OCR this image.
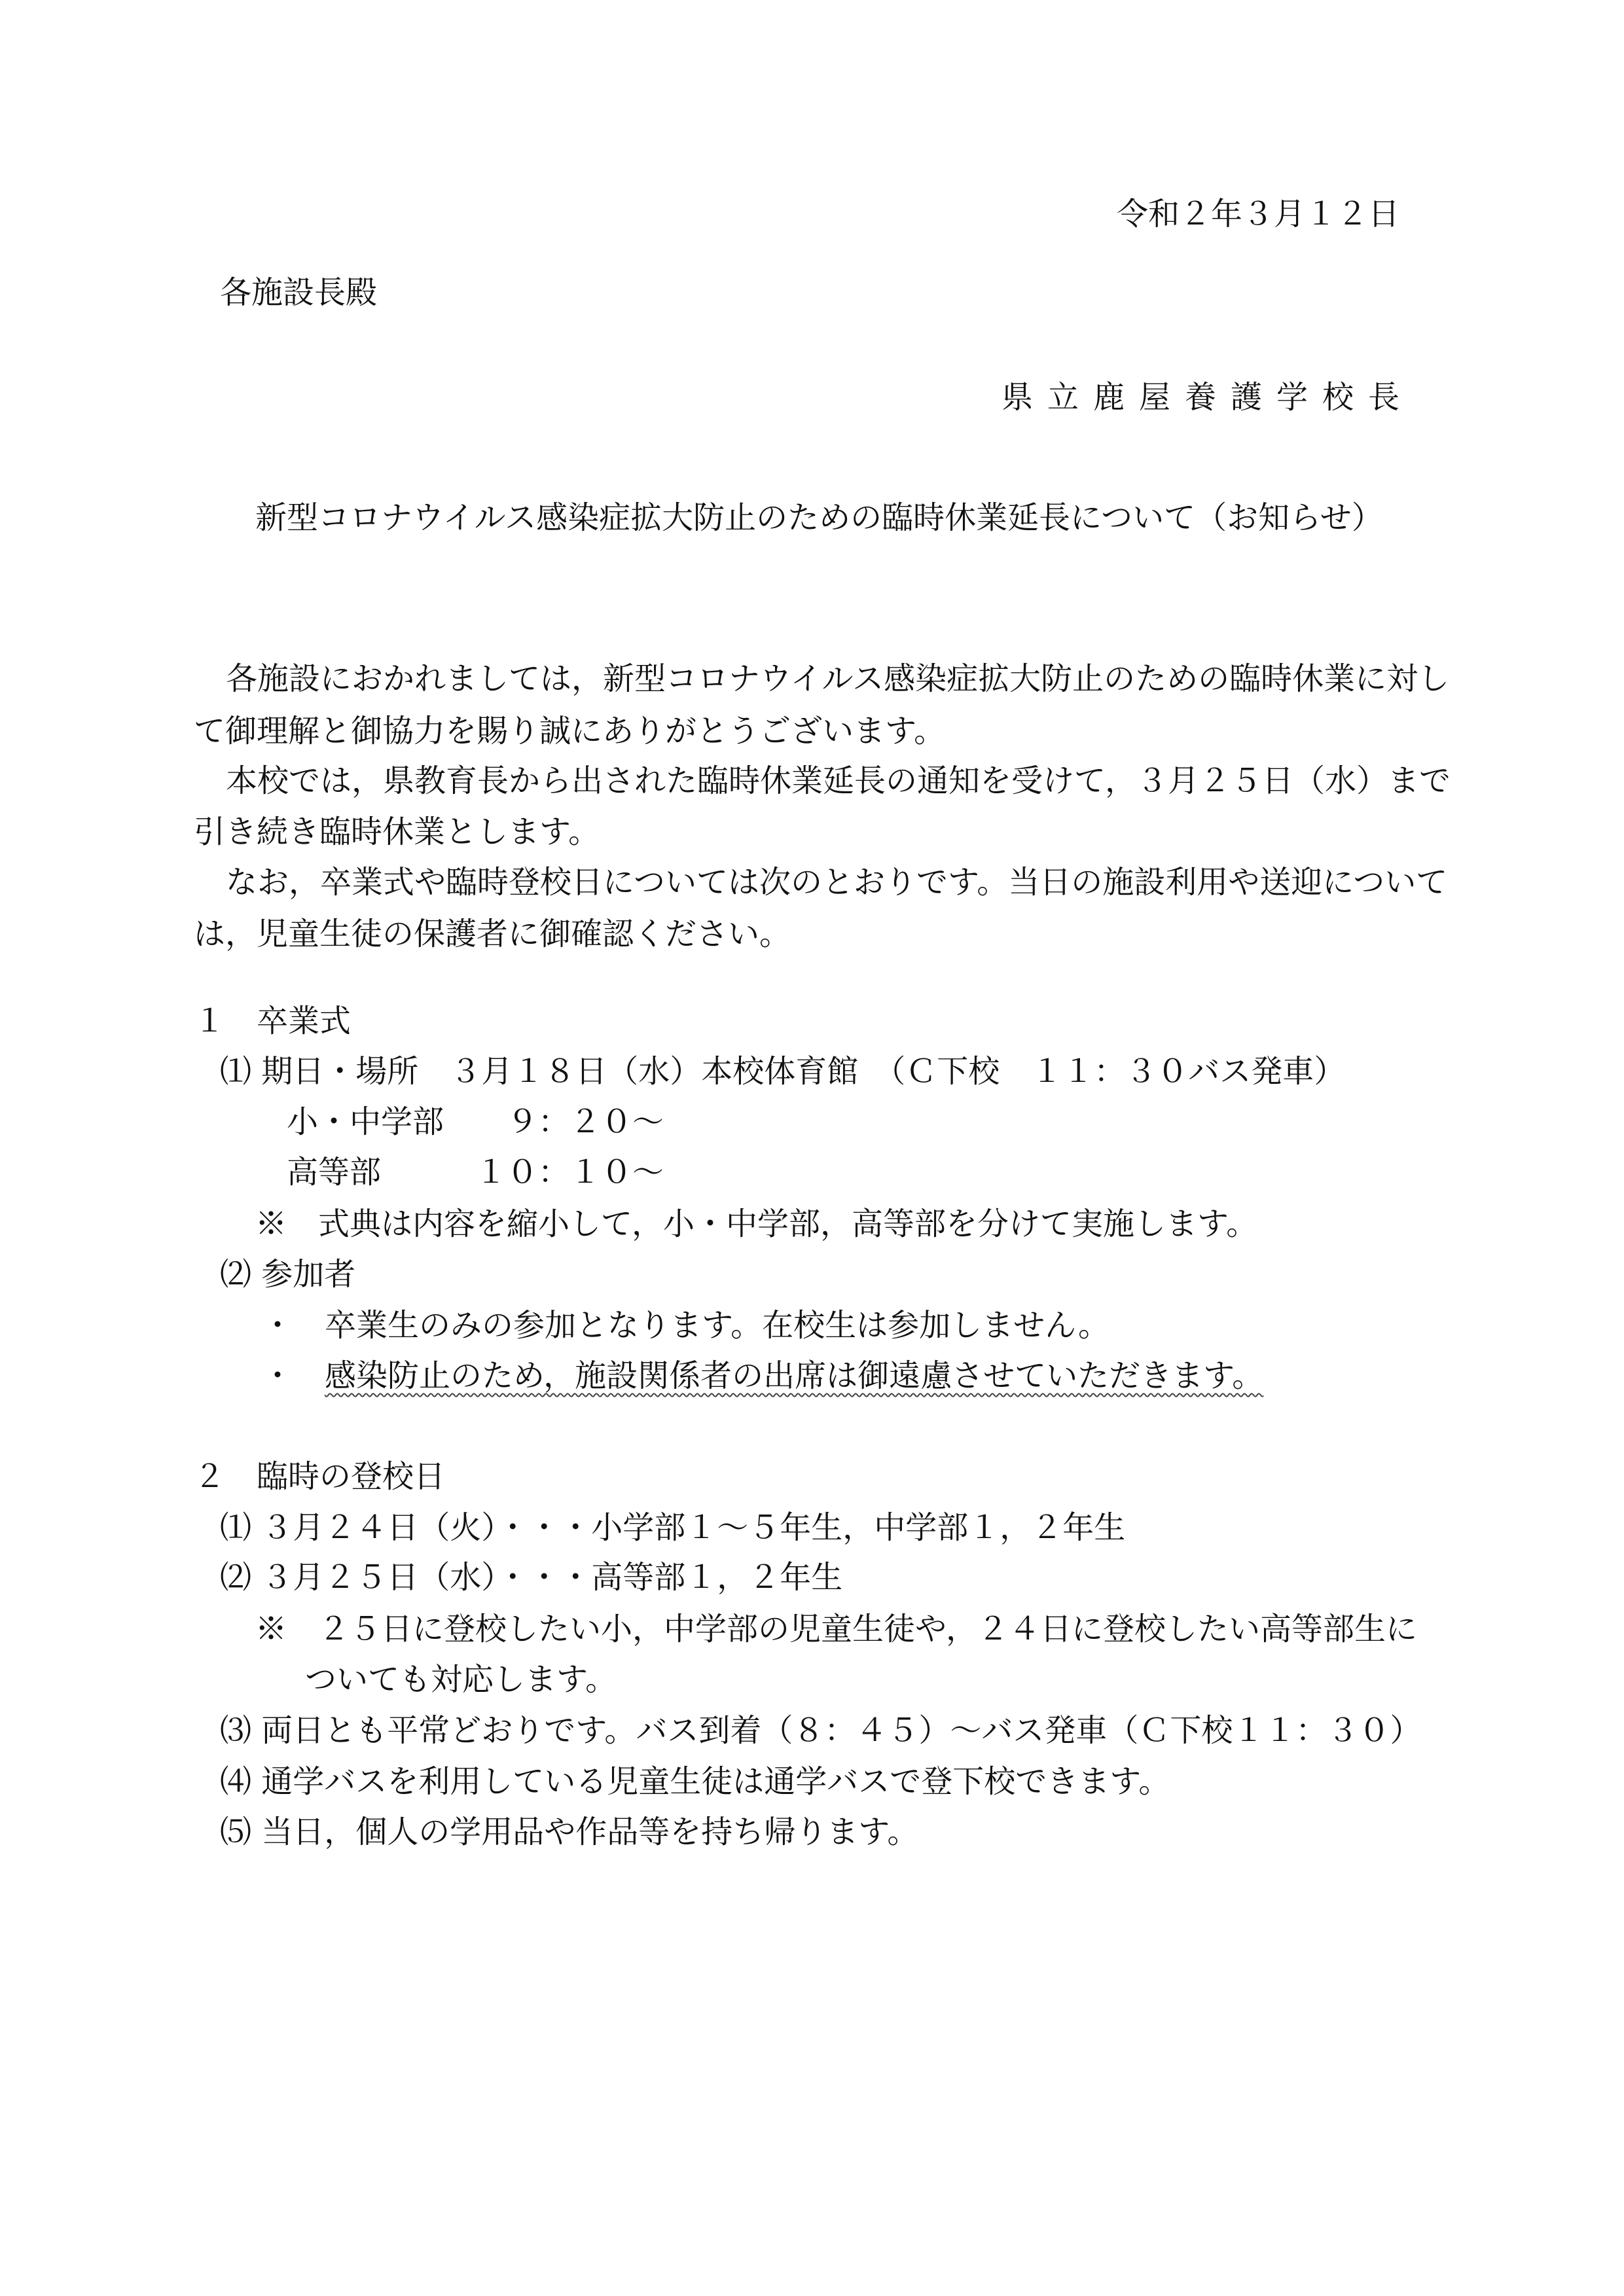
令和２年３月１２日
各施設長殿
県立鹿屋養護学校長
新型コロナウイルス感染症拡大防止のための臨時休業延長について（お知らせ）
各施設におかれましては，新型コロナウイルス感染症拡大防止のための臨時休業に対し
て御理解と御協力を賜り誠にありがとうございます。
本校では，県教育長から出された臨時休業延長の通知を受けて，３月２５日（水）まで
引き続き臨時休業とします。
なお，卒業式や臨時登校日については次のとおりです。当日の施設利用や送迎について
は，児童生徒の保護者に御確認ください。
１　卒業式
⑴ 期日・場所　３月１８日（水）本校体育館　（Ｃ下校　１１：３０バス発車）
小・中学部　　９：２０～
高等部　　　１０：１０～
※　式典は内容を縮小して，小・中学部，高等部を分けて実施します。
⑵ 参加者
・　卒業生のみの参加となります。在校生は参加しません。
・　 感染防止のため，施設関係者の出席は御遠慮させていただきます。
２　臨時の登校日
⑴ ３月２４日（火）・・・小学部１～５年生，中学部１，２年生
⑵ ３月２５日（水）・・・高等部１，２年生
※　２５日に登校したい小，中学部の児童生徒や，２４日に登校したい高等部生に
ついても対応します。
⑶ 両日とも平常どおりです。バス到着（８：４５）～バス発車（Ｃ下校１１：３０）
⑷ 通学バスを利用している児童生徒は通学バスで登下校できます。
⑸ 当日，個人の学用品や作品等を持ち帰ります。
